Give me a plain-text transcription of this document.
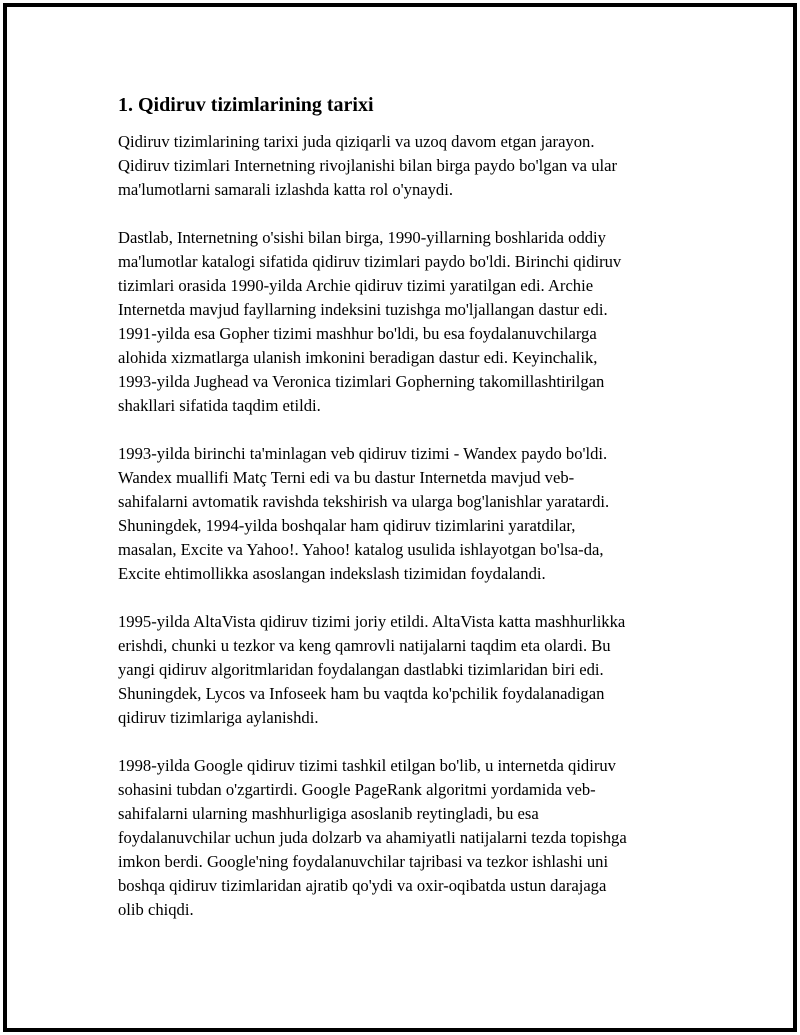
1. Qidiruv tizimlarining tarixi

Qidiruv tizimlarining tarixi juda qiziqarli va uzoq davom etgan jarayon.
Qidiruv tizimlari Internetning rivojlanishi bilan birga paydo bo'lgan va ular
ma'lumotlarni samarali izlashda katta rol o'ynaydi.

Dastlab, Internetning o'sishi bilan birga, 1990-yillarning boshlarida oddiy
ma'lumotlar katalogi sifatida qidiruv tizimlari paydo bo'ldi. Birinchi qidiruv
tizimlari orasida 1990-yilda Archie qidiruv tizimi yaratilgan edi. Archie
Internetda mavjud fayllarning indeksini tuzishga mo'ljallangan dastur edi.
1991-yilda esa Gopher tizimi mashhur bo'ldi, bu esa foydalanuvchilarga
alohida xizmatlarga ulanish imkonini beradigan dastur edi. Keyinchalik,
1993-yilda Jughead va Veronica tizimlari Gopherning takomillashtirilgan
shakllari sifatida taqdim etildi.

1993-yilda birinchi ta'minlagan veb qidiruv tizimi - Wandex paydo bo'ldi.
Wandex muallifi Matç Terni edi va bu dastur Internetda mavjud veb-
sahifalarni avtomatik ravishda tekshirish va ularga bog'lanishlar yaratardi.
Shuningdek, 1994-yilda boshqalar ham qidiruv tizimlarini yaratdilar,
masalan, Excite va Yahoo!. Yahoo! katalog usulida ishlayotgan bo'lsa-da,
Excite ehtimollikka asoslangan indekslash tizimidan foydalandi.

1995-yilda AltaVista qidiruv tizimi joriy etildi. AltaVista katta mashhurlikka
erishdi, chunki u tezkor va keng qamrovli natijalarni taqdim eta olardi. Bu
yangi qidiruv algoritmlaridan foydalangan dastlabki tizimlaridan biri edi.
Shuningdek, Lycos va Infoseek ham bu vaqtda ko'pchilik foydalanadigan
qidiruv tizimlariga aylanishdi.

1998-yilda Google qidiruv tizimi tashkil etilgan bo'lib, u internetda qidiruv
sohasini tubdan o'zgartirdi. Google PageRank algoritmi yordamida veb-
sahifalarni ularning mashhurligiga asoslanib reytingladi, bu esa
foydalanuvchilar uchun juda dolzarb va ahamiyatli natijalarni tezda topishga
imkon berdi. Google'ning foydalanuvchilar tajribasi va tezkor ishlashi uni
boshqa qidiruv tizimlaridan ajratib qo'ydi va oxir-oqibatda ustun darajaga
olib chiqdi.
